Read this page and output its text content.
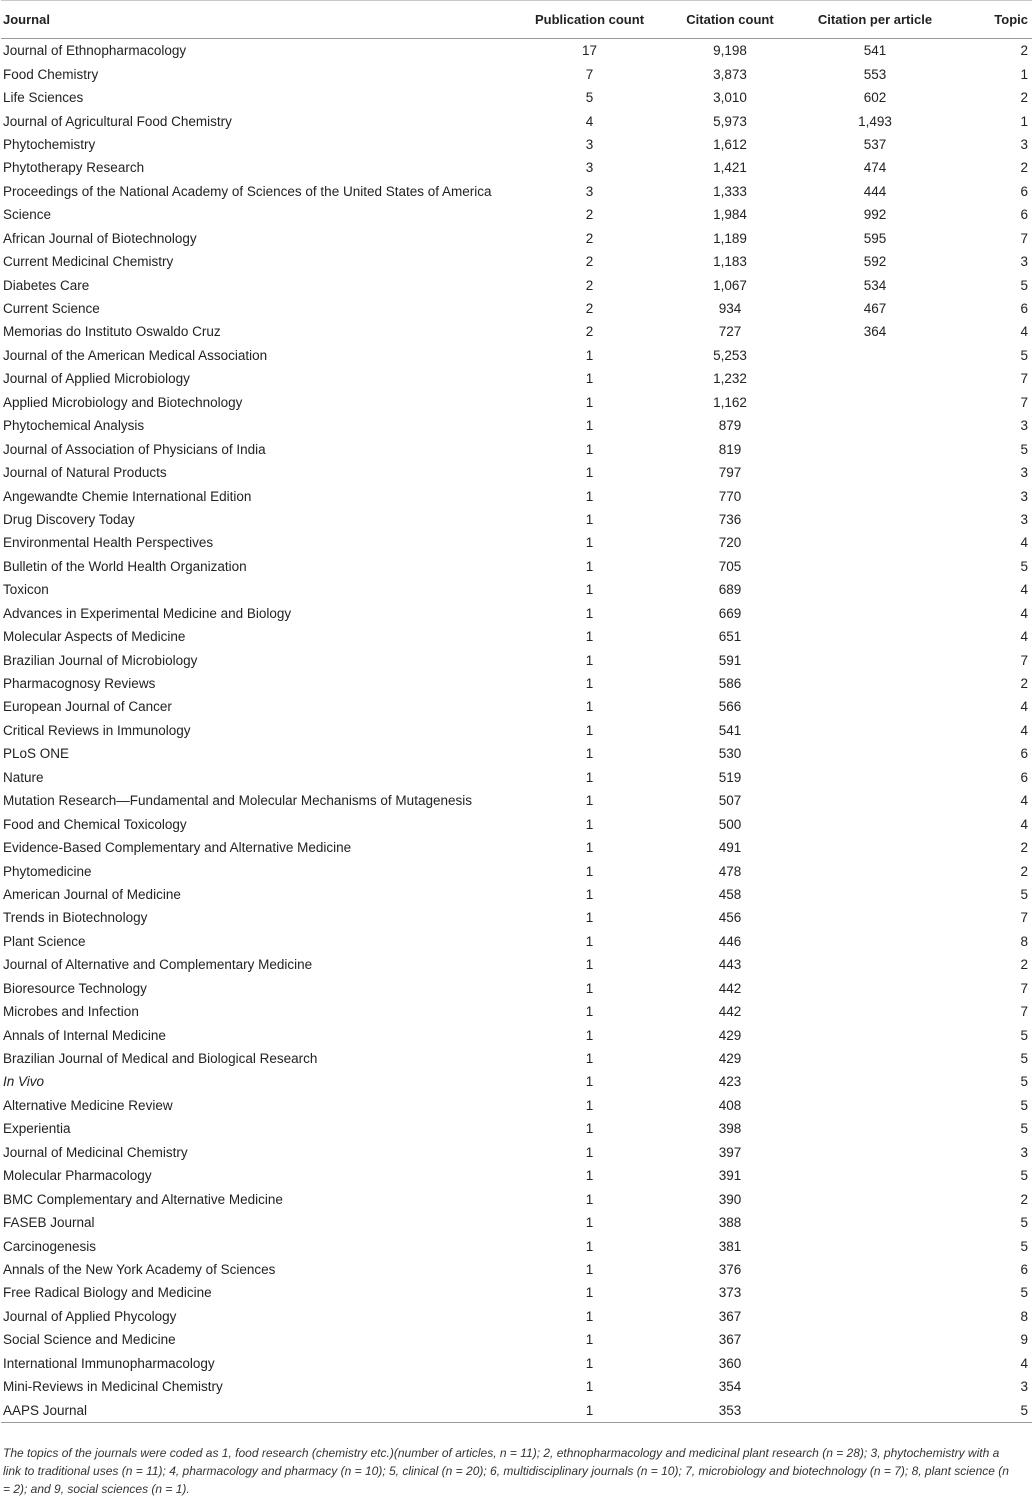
Journal	Publication count	Citation count	Citation per article	Topic
Journal of Ethnopharmacology	17	9,198	541	2
Food Chemistry	7	3,873	553	1
Life Sciences	5	3,010	602	2
Journal of Agricultural Food Chemistry	4	5,973	1,493	1
Phytochemistry	3	1,612	537	3
Phytotherapy Research	3	1,421	474	2
Proceedings of the National Academy of Sciences of the United States of America	3	1,333	444	6
Science	2	1,984	992	6
African Journal of Biotechnology	2	1,189	595	7
Current Medicinal Chemistry	2	1,183	592	3
Diabetes Care	2	1,067	534	5
Current Science	2	934	467	6
Memorias do Instituto Oswaldo Cruz	2	727	364	4
Journal of the American Medical Association	1	5,253		5
Journal of Applied Microbiology	1	1,232		7
Applied Microbiology and Biotechnology	1	1,162		7
Phytochemical Analysis	1	879		3
Journal of Association of Physicians of India	1	819		5
Journal of Natural Products	1	797		3
Angewandte Chemie International Edition	1	770		3
Drug Discovery Today	1	736		3
Environmental Health Perspectives	1	720		4
Bulletin of the World Health Organization	1	705		5
Toxicon	1	689		4
Advances in Experimental Medicine and Biology	1	669		4
Molecular Aspects of Medicine	1	651		4
Brazilian Journal of Microbiology	1	591		7
Pharmacognosy Reviews	1	586		2
European Journal of Cancer	1	566		4
Critical Reviews in Immunology	1	541		4
PLoS ONE	1	530		6
Nature	1	519		6
Mutation Research—Fundamental and Molecular Mechanisms of Mutagenesis	1	507		4
Food and Chemical Toxicology	1	500		4
Evidence-Based Complementary and Alternative Medicine	1	491		2
Phytomedicine	1	478		2
American Journal of Medicine	1	458		5
Trends in Biotechnology	1	456		7
Plant Science	1	446		8
Journal of Alternative and Complementary Medicine	1	443		2
Bioresource Technology	1	442		7
Microbes and Infection	1	442		7
Annals of Internal Medicine	1	429		5
Brazilian Journal of Medical and Biological Research	1	429		5
In Vivo	1	423		5
Alternative Medicine Review	1	408		5
Experientia	1	398		5
Journal of Medicinal Chemistry	1	397		3
Molecular Pharmacology	1	391		5
BMC Complementary and Alternative Medicine	1	390		2
FASEB Journal	1	388		5
Carcinogenesis	1	381		5
Annals of the New York Academy of Sciences	1	376		6
Free Radical Biology and Medicine	1	373		5
Journal of Applied Phycology	1	367		8
Social Science and Medicine	1	367		9
International Immunopharmacology	1	360		4
Mini-Reviews in Medicinal Chemistry	1	354		3
AAPS Journal	1	353		5

The topics of the journals were coded as 1, food research (chemistry etc.)(number of articles, n = 11); 2, ethnopharmacology and medicinal plant research (n = 28); 3, phytochemistry with a link to traditional uses (n = 11); 4, pharmacology and pharmacy (n = 10); 5, clinical (n = 20); 6, multidisciplinary journals (n = 10); 7, microbiology and biotechnology (n = 7); 8, plant science (n = 2); and 9, social sciences (n = 1).
